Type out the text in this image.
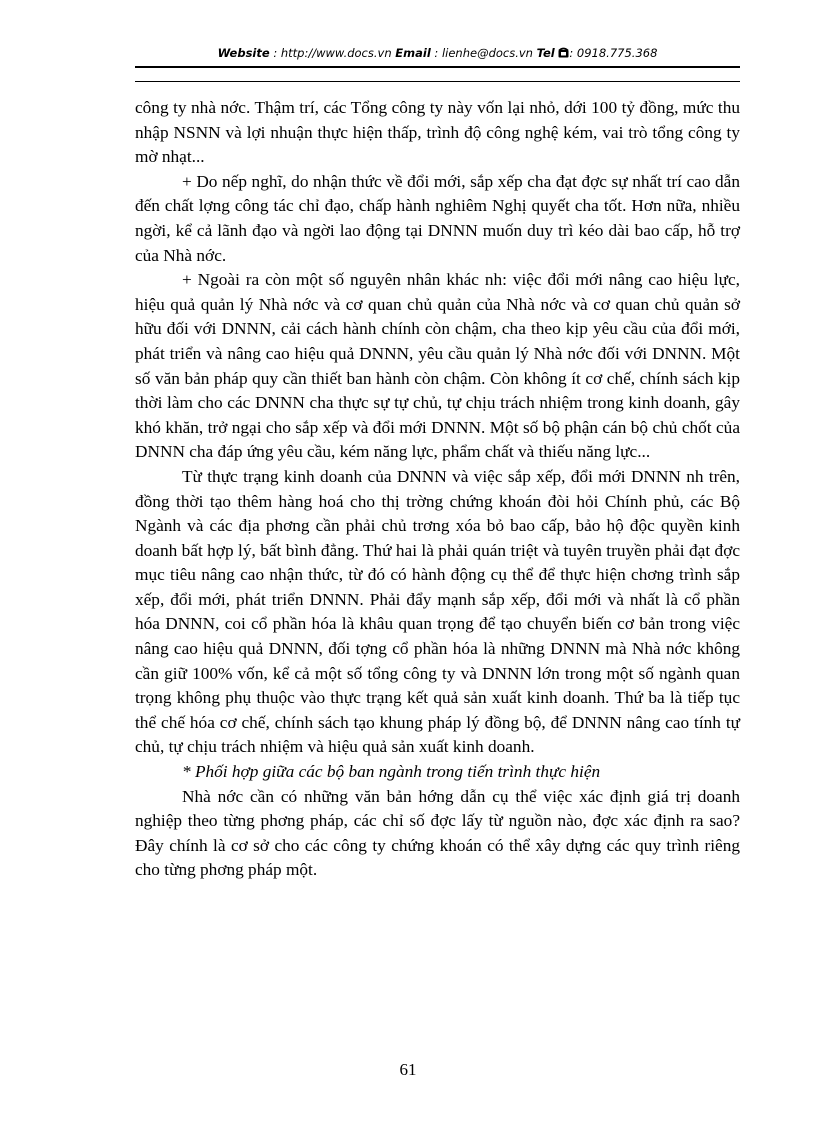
Website : http://www.docs.vn Email : lienhe@docs.vn Tel : 0918.775.368

công ty nhà nớc. Thậm trí, các Tổng công ty này vốn lại nhỏ, dới 100 tỷ đồng, mức thu nhập NSNN và lợi nhuận thực hiện thấp, trình độ công nghệ kém, vai trò tổng công ty mờ nhạt...

+ Do nếp nghĩ, do nhận thức về đổi mới, sắp xếp cha đạt đợc sự nhất trí cao dẫn đến chất lợng công tác chỉ đạo, chấp hành nghiêm Nghị quyết cha tốt. Hơn nữa, nhiều ngời, kể cả lãnh đạo và ngời lao động tại DNNN muốn duy trì kéo dài bao cấp, hỗ trợ của Nhà nớc.

+ Ngoài ra còn một số nguyên nhân khác nh: việc đổi mới nâng cao hiệu lực, hiệu quả quản lý Nhà nớc và cơ quan chủ quản của Nhà nớc và cơ quan chủ quản sở hữu đối với DNNN, cải cách hành chính còn chậm, cha theo kịp yêu cầu của đổi mới, phát triển và nâng cao hiệu quả DNNN, yêu cầu quản lý Nhà nớc đối với DNNN. Một số văn bản pháp quy cần thiết ban hành còn chậm. Còn không ít cơ chế, chính sách kịp thời làm cho các DNNN cha thực sự tự chủ, tự chịu trách nhiệm trong kinh doanh, gây khó khăn, trở ngại cho sắp xếp và đổi mới DNNN. Một số bộ phận cán bộ chủ chốt của DNNN cha đáp ứng yêu cầu, kém năng lực, phẩm chất và thiếu năng lực...

Từ thực trạng kinh doanh của DNNN và việc sắp xếp, đổi mới DNNN nh trên, đồng thời tạo thêm hàng hoá cho thị trờng chứng khoán đòi hỏi Chính phủ, các Bộ Ngành và các địa phơng cần phải chủ trơng xóa bỏ bao cấp, bảo hộ độc quyền kinh doanh bất hợp lý, bất bình đẳng. Thứ hai là phải quán triệt và tuyên truyền phải đạt đợc mục tiêu nâng cao nhận thức, từ đó có hành động cụ thể để thực hiện chơng trình sắp xếp, đổi mới, phát triển DNNN. Phải đẩy mạnh sắp xếp, đổi mới và nhất là cổ phần hóa DNNN, coi cổ phần hóa là khâu quan trọng để tạo chuyển biến cơ bản trong việc nâng cao hiệu quả DNNN, đối tợng cổ phần hóa là những DNNN mà Nhà nớc không cần giữ 100% vốn, kể cả một số tổng công ty và DNNN lớn trong một số ngành quan trọng không phụ thuộc vào thực trạng kết quả sản xuất kinh doanh. Thứ ba là tiếp tục thể chế hóa cơ chế, chính sách tạo khung pháp lý đồng bộ, để DNNN nâng cao tính tự chủ, tự chịu trách nhiệm và hiệu quả sản xuất kinh doanh.

* Phối hợp giữa các bộ ban ngành trong tiến trình thực hiện

Nhà nớc cần có những văn bản hớng dẫn cụ thể việc xác định giá trị doanh nghiệp theo từng phơng pháp, các chỉ số đợc lấy từ nguồn nào, đợc xác định ra sao? Đây chính là cơ sở cho các công ty chứng khoán có thể xây dựng các quy trình riêng cho từng phơng pháp một.

61
